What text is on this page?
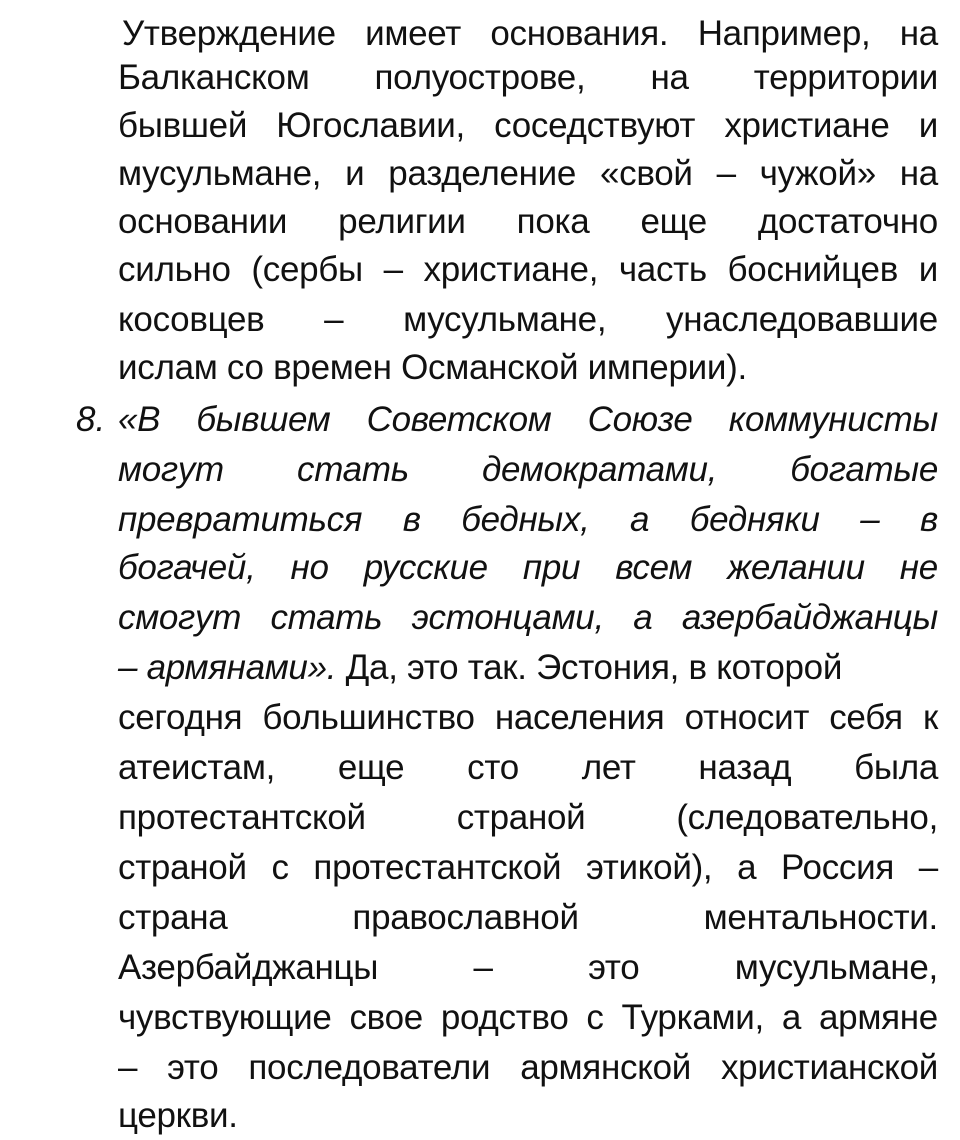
Утверждение имеет основания. Например, на
Балканском полуострове, на территории
бывшей Югославии, соседствуют христиане и
мусульмане, и разделение «свой – чужой» на
основании религии пока еще достаточно
сильно (сербы – христиане, часть боснийцев и
косовцев – мусульмане, унаследовавшие
ислам со времен Османской империи).
8. «В бывшем Советском Союзе коммунисты
могут стать демократами, богатые
превратиться в бедных, а бедняки – в
богачей, но русские при всем желании не
смогут стать эстонцами, а азербайджанцы
– армянами». Да, это так. Эстония, в которой
сегодня большинство населения относит себя к
атеистам, еще сто лет назад была
протестантской	страной	(следовательно,
страной с протестантской этикой), а Россия –
страна	православной	ментальности.
Азербайджанцы	–	это	мусульмане,
чувствующие свое родство с Турками, а армяне
– это последователи армянской христианской
церкви.
